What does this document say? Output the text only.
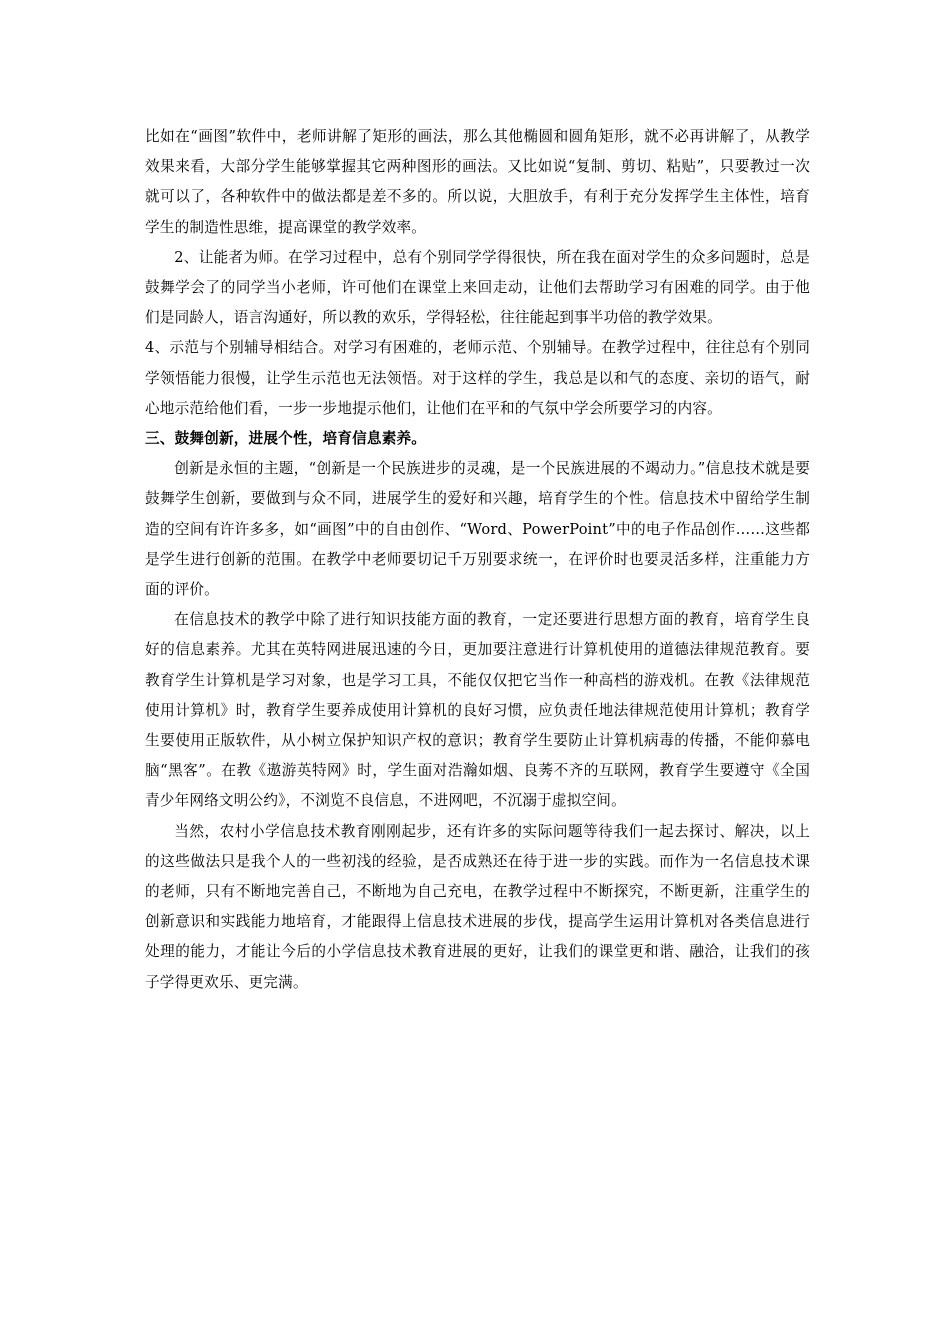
比如在“画图”软件中，老师讲解了矩形的画法，那么其他椭圆和圆角矩形，就不必再讲解了，从教学效果来看，大部分学生能够掌握其它两种图形的画法。又比如说“复制、剪切、粘贴”，只要教过一次就可以了，各种软件中的做法都是差不多的。所以说，大胆放手，有利于充分发挥学生主体性，培育学生的制造性思维，提高课堂的教学效率。

2、让能者为师。在学习过程中，总有个别同学学得很快，所在我在面对学生的众多问题时，总是鼓舞学会了的同学当小老师，许可他们在课堂上来回走动，让他们去帮助学习有困难的同学。由于他们是同龄人，语言沟通好，所以教的欢乐，学得轻松，往往能起到事半功倍的教学效果。

4、示范与个别辅导相结合。对学习有困难的，老师示范、个别辅导。在教学过程中，往往总有个别同学领悟能力很慢，让学生示范也无法领悟。对于这样的学生，我总是以和气的态度、亲切的语气，耐心地示范给他们看，一步一步地提示他们，让他们在平和的气氛中学会所要学习的内容。

三、鼓舞创新，进展个性，培育信息素养。

创新是永恒的主题，“创新是一个民族进步的灵魂，是一个民族进展的不竭动力。”信息技术就是要鼓舞学生创新，要做到与众不同，进展学生的爱好和兴趣，培育学生的个性。信息技术中留给学生制造的空间有许许多多，如“画图”中的自由创作、“Word、PowerPoint”中的电子作品创作……这些都是学生进行创新的范围。在教学中老师要切记千万别要求统一，在评价时也要灵活多样，注重能力方面的评价。

在信息技术的教学中除了进行知识技能方面的教育，一定还要进行思想方面的教育，培育学生良好的信息素养。尤其在英特网进展迅速的今日，更加要注意进行计算机使用的道德法律规范教育。要教育学生计算机是学习对象，也是学习工具，不能仅仅把它当作一种高档的游戏机。在教《法律规范使用计算机》时，教育学生要养成使用计算机的良好习惯，应负责任地法律规范使用计算机；教育学生要使用正版软件，从小树立保护知识产权的意识；教育学生要防止计算机病毒的传播，不能仰慕电脑“黑客”。在教《遨游英特网》时，学生面对浩瀚如烟、良莠不齐的互联网，教育学生要遵守《全国青少年网络文明公约》，不浏览不良信息，不进网吧，不沉溺于虚拟空间。

当然，农村小学信息技术教育刚刚起步，还有许多的实际问题等待我们一起去探讨、解决，以上的这些做法只是我个人的一些初浅的经验，是否成熟还在待于进一步的实践。而作为一名信息技术课的老师，只有不断地完善自己，不断地为自己充电，在教学过程中不断探究，不断更新，注重学生的创新意识和实践能力地培育，才能跟得上信息技术进展的步伐，提高学生运用计算机对各类信息进行处理的能力，才能让今后的小学信息技术教育进展的更好，让我们的课堂更和谐、融洽，让我们的孩子学得更欢乐、更完满。
